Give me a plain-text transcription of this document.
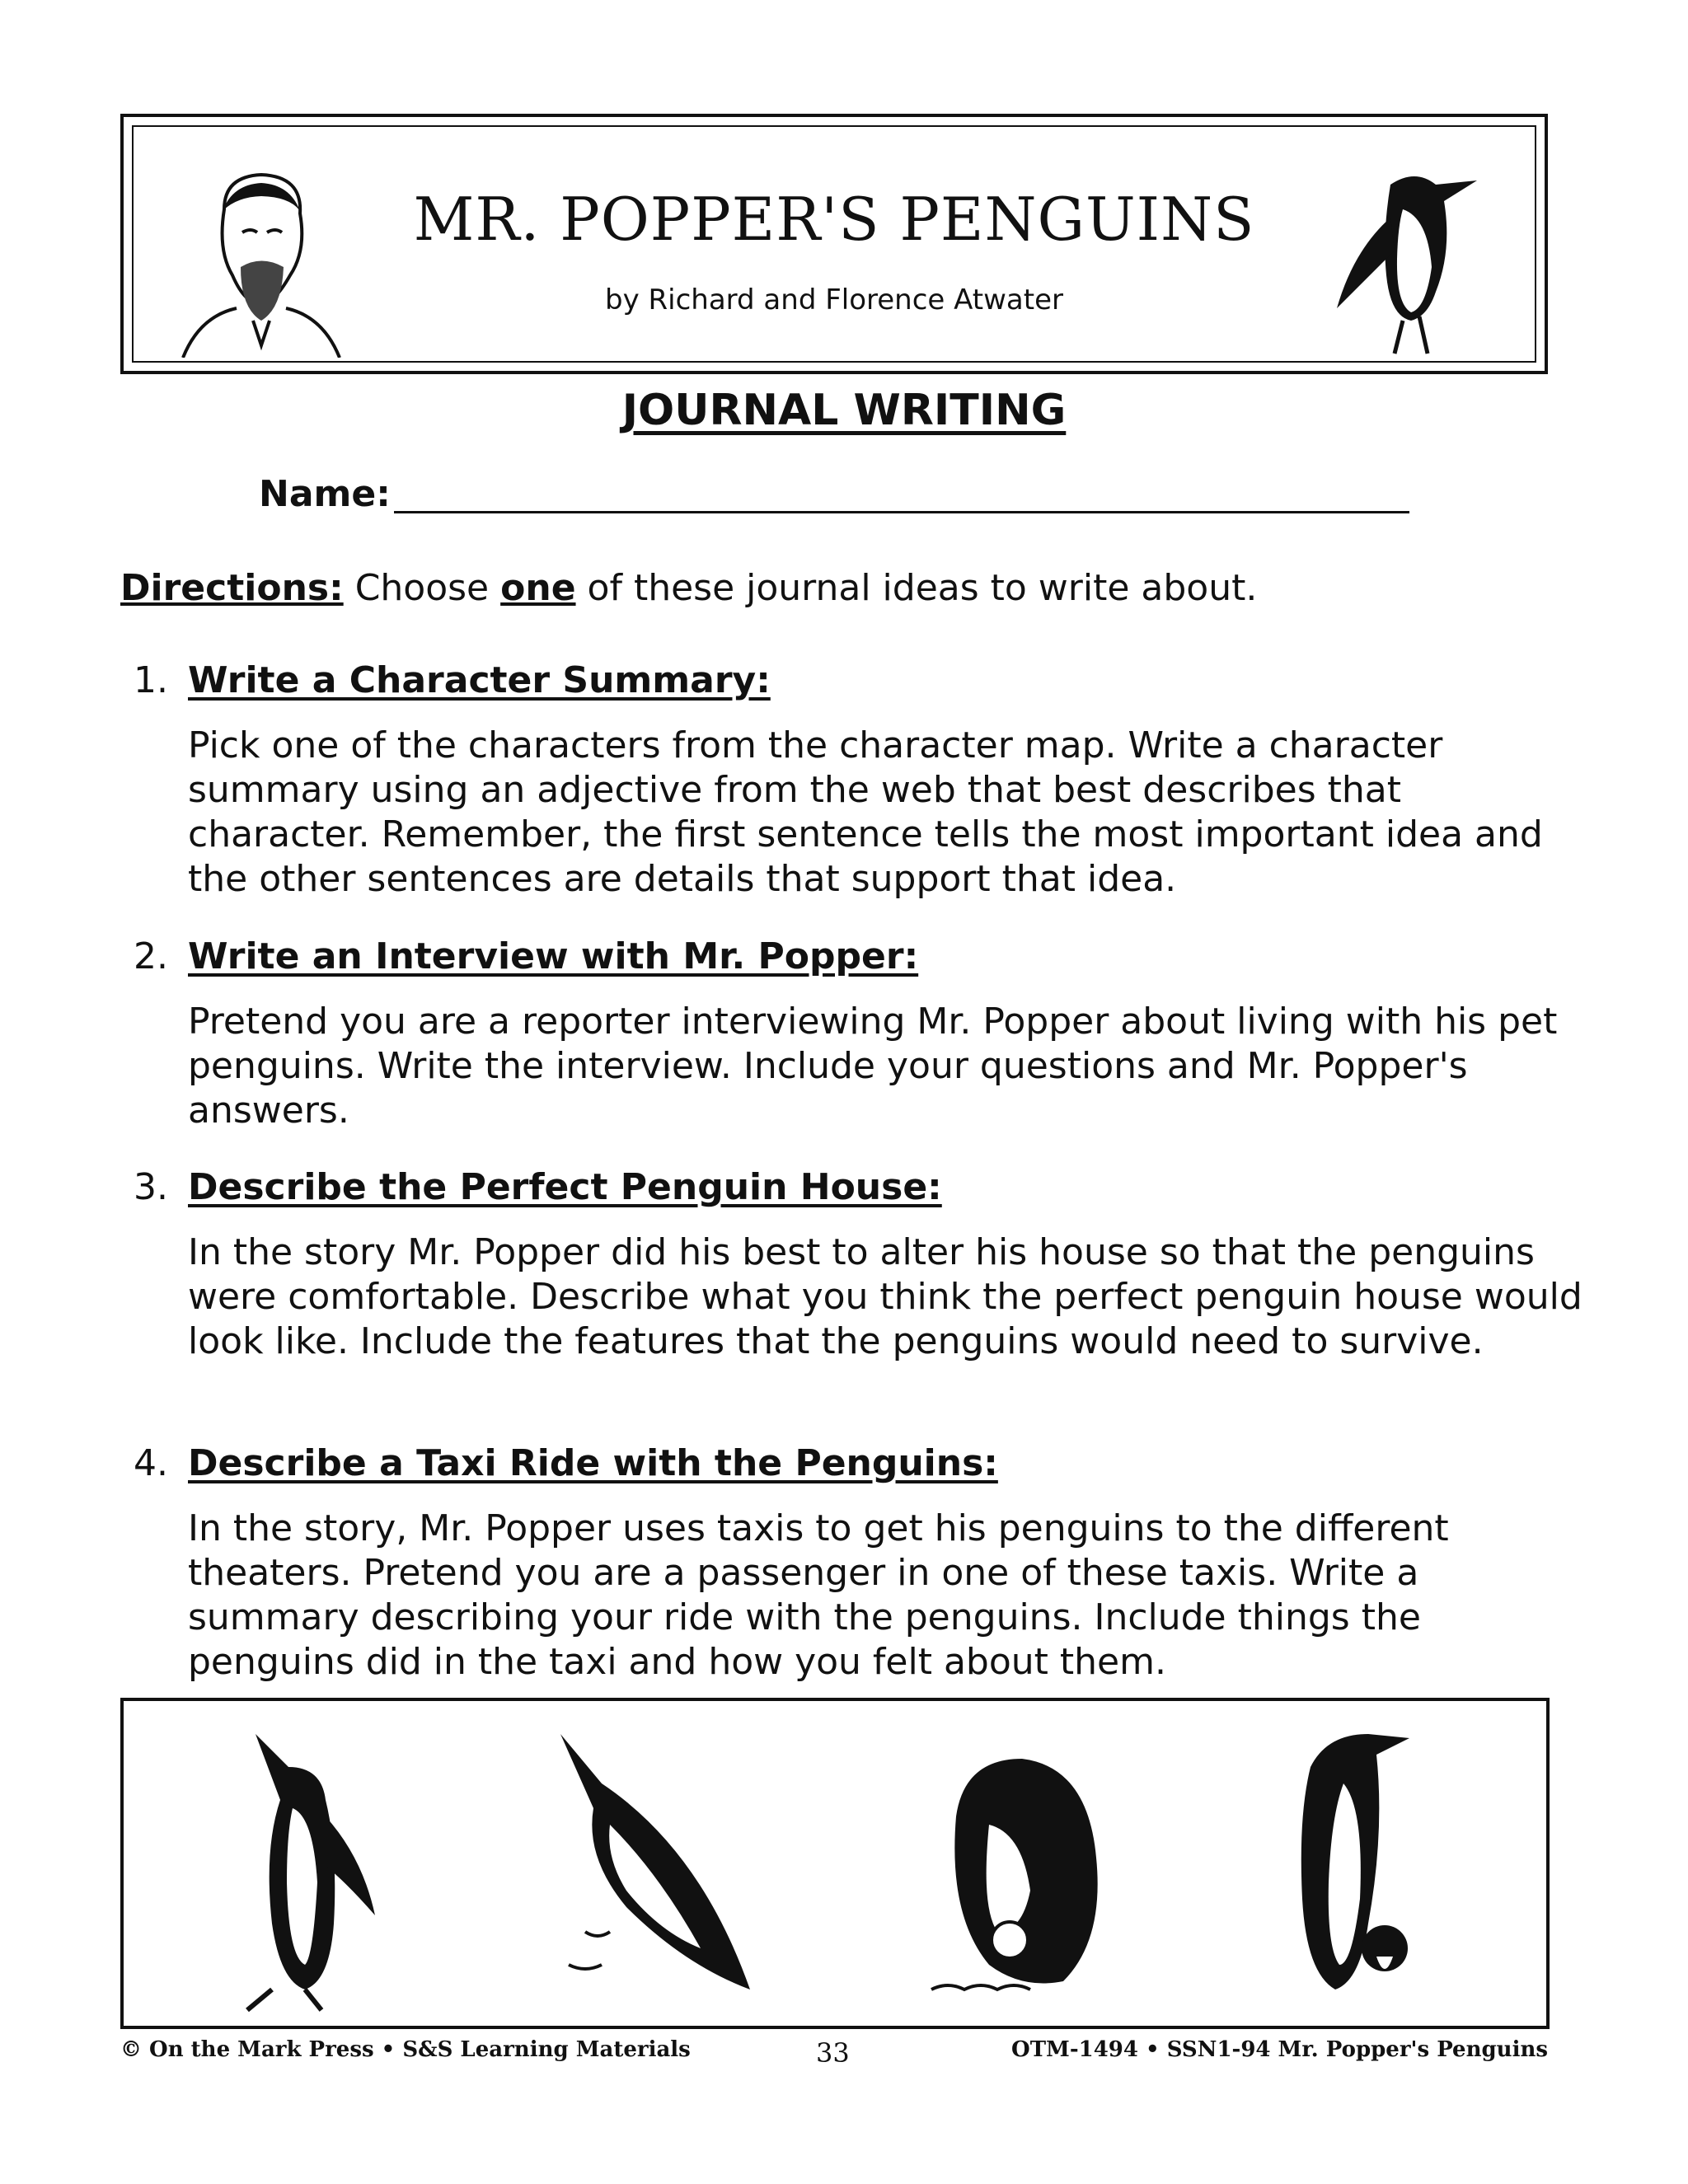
MR. POPPER'S PENGUINS
by Richard and Florence Atwater
JOURNAL WRITING
Name:
Directions: Choose one of these journal ideas to write about.
1. Write a Character Summary:
Pick one of the characters from the character map. Write a character summary using an adjective from the web that best describes that character. Remember, the first sentence tells the most important idea and the other sentences are details that support that idea.
2. Write an Interview with Mr. Popper:
Pretend you are a reporter interviewing Mr. Popper about living with his pet penguins. Write the interview. Include your questions and Mr. Popper's answers.
3. Describe the Perfect Penguin House:
In the story Mr. Popper did his best to alter his house so that the penguins were comfortable. Describe what you think the perfect penguin house would look like. Include the features that the penguins would need to survive.
4. Describe a Taxi Ride with the Penguins:
In the story, Mr. Popper uses taxis to get his penguins to the different theaters. Pretend you are a passenger in one of these taxis. Write a summary describing your ride with the penguins. Include things the penguins did in the taxi and how you felt about them.
© On the Mark Press • S&S Learning Materials	33	OTM-1494 • SSN1-94 Mr. Popper's Penguins
